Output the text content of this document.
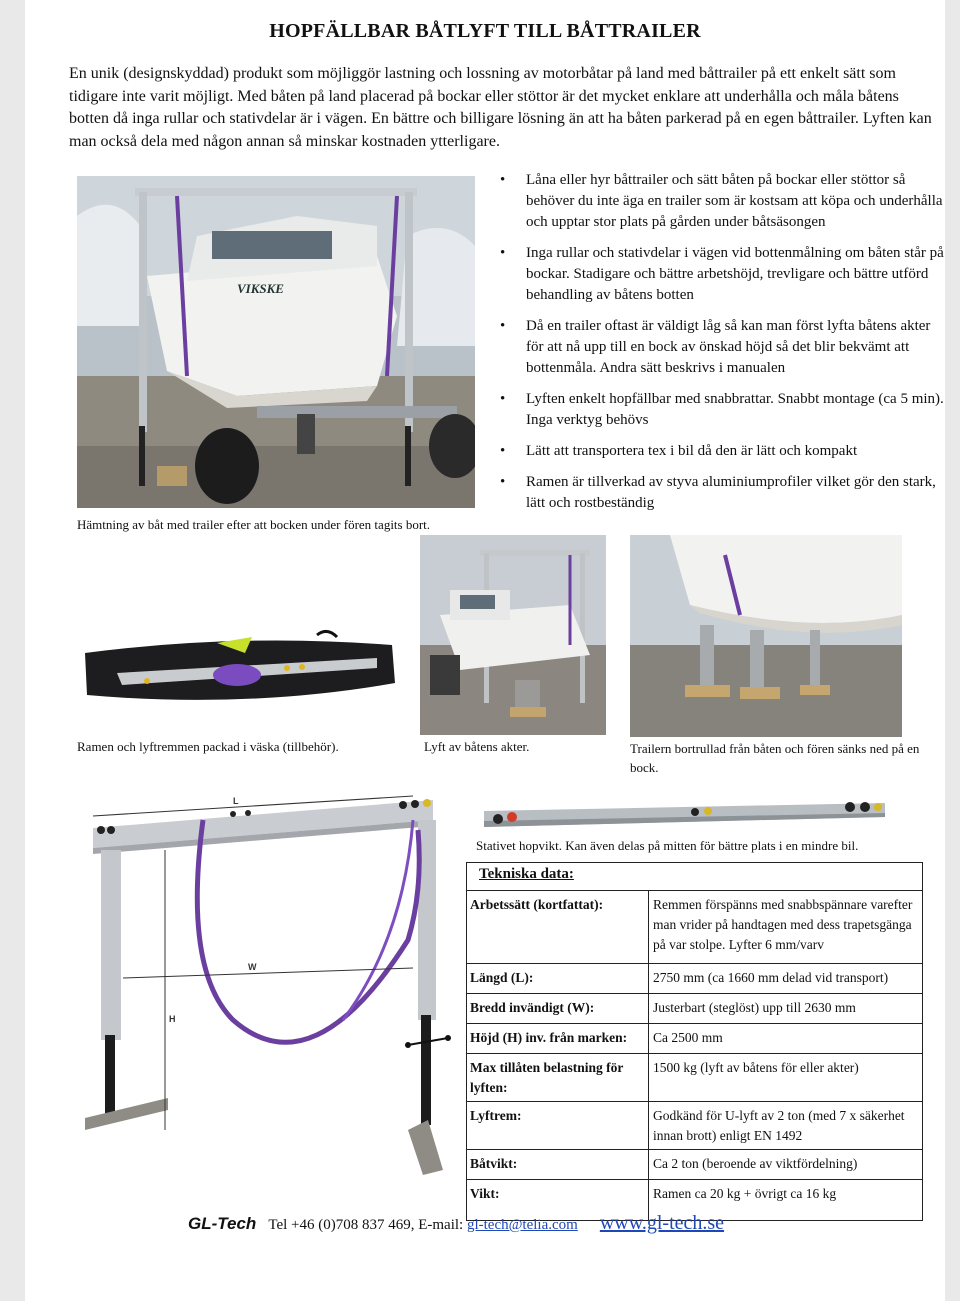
HOPFÄLLBAR BÅTLYFT TILL BÅTTRAILER
En unik (designskyddad) produkt som möjliggör lastning och lossning av motorbåtar på land med båttrailer på ett enkelt sätt som tidigare inte varit möjligt. Med båten på land placerad på bockar eller stöttor är det mycket enklare att underhålla och måla båtens botten då inga rullar och stativdelar är i vägen. En bättre och billigare lösning än att ha båten parkerad på en egen båttrailer. Lyften kan man också dela med någon annan så minskar kostnaden ytterligare.
VIKSKE
Hämtning av båt med trailer efter att bocken under fören tagits bort.
• Låna eller hyr båttrailer och sätt båten på bockar eller stöttor så behöver du inte äga en trailer som är kostsam att köpa och underhålla och upptar stor plats på gården under båtsäsongen
• Inga rullar och stativdelar i vägen vid bottenmålning om båten står på bockar. Stadigare och bättre arbetshöjd, trevligare och bättre utförd behandling av båtens botten
• Då en trailer oftast är väldigt låg så kan man först lyfta båtens akter för att nå upp till en bock av önskad höjd så det blir bekvämt att bottenmåla. Andra sätt beskrivs i manualen
• Lyften enkelt hopfällbar med snabbrattar. Snabbt montage (ca 5 min). Inga verktyg behövs
• Lätt att transportera tex i bil då den är lätt och kompakt
• Ramen är tillverkad av styva aluminiumprofiler vilket gör den stark, lätt och rostbeständig
Ramen och lyftremmen packad i väska (tillbehör).	Lyft av båtens akter.	Trailern bortrullad från båten och fören sänks ned på en bock.
L
W
H
Stativet hopvikt. Kan även delas på mitten för bättre plats i en mindre bil.
Tekniska data:
Arbetssätt (kortfattat):	Remmen förspänns med snabbspännare varefter man vrider på handtagen med dess trapetsgänga på var stolpe. Lyfter 6 mm/varv
Längd (L):	2750 mm (ca 1660 mm delad vid transport)
Bredd invändigt (W):	Justerbart (steglöst) upp till 2630 mm
Höjd (H) inv. från marken:	Ca 2500 mm
Max tillåten belastning för lyften:
1500 kg (lyft av båtens för eller akter)
Lyftrem:	Godkänd för U-lyft av 2 ton (med 7 x säkerhet innan brott) enligt EN 1492
Båtvikt:	Ca 2 ton (beroende av viktfördelning)
Vikt:	Ramen ca 20 kg + övrigt ca 16 kg
GL-Tech Tel +46 (0)708 837 469, E-mail: gl-tech@telia.com www.gl-tech.se
